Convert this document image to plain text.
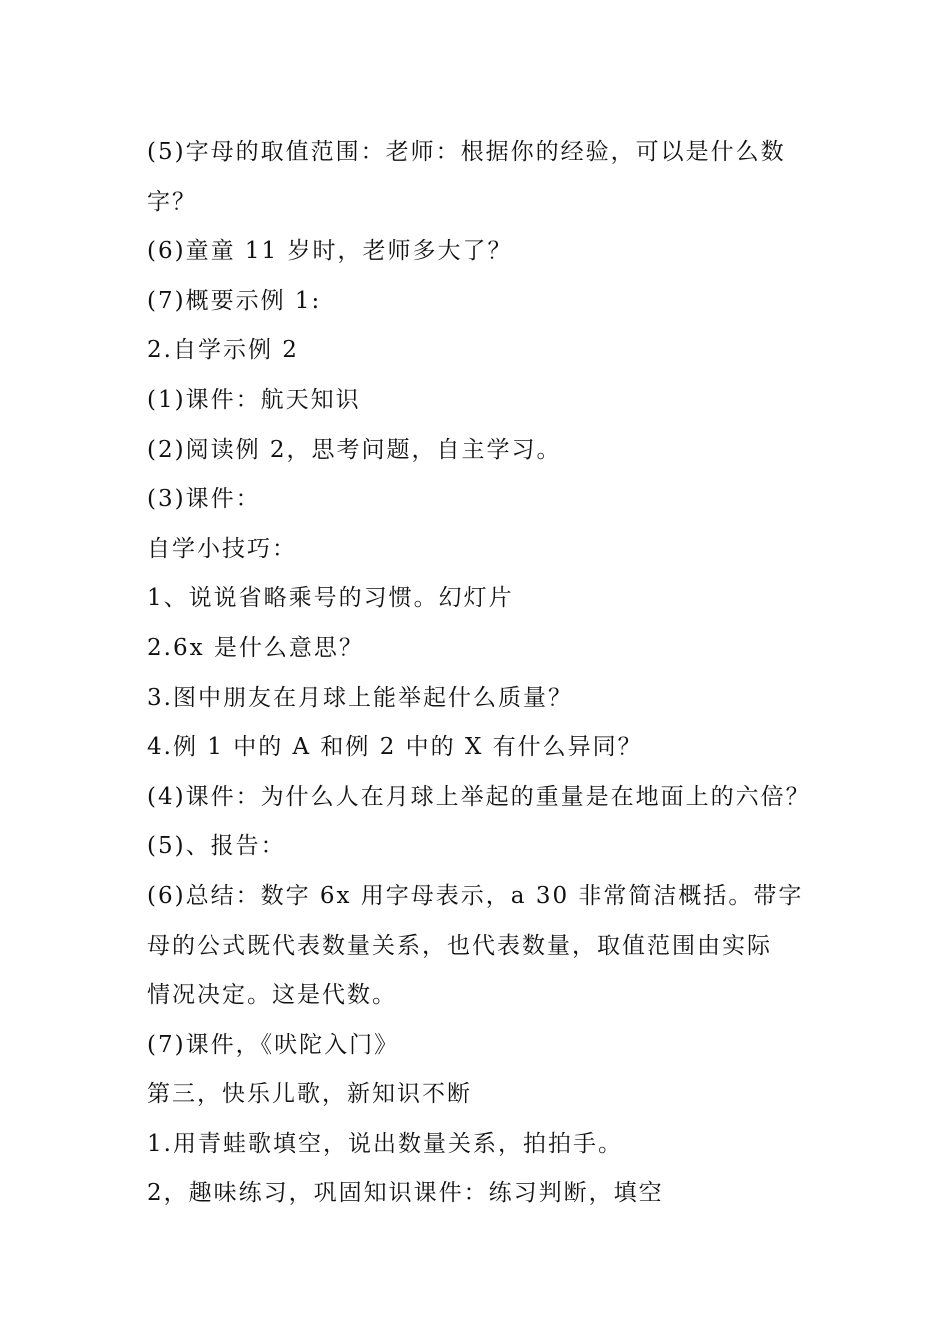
(5)字母的取值范围：老师：根据你的经验，可以是什么数
字？
(6)童童 11 岁时，老师多大了？
(7)概要示例 1:
2.自学示例 2
(1)课件：航天知识
(2)阅读例 2，思考问题，自主学习。
(3)课件：
自学小技巧：
1、说说省略乘号的习惯。幻灯片
2.6x 是什么意思？
3.图中朋友在月球上能举起什么质量？
4.例 1 中的 A 和例 2 中的 X 有什么异同？
(4)课件：为什么人在月球上举起的重量是在地面上的六倍？
(5)、报告：
(6)总结：数字 6x 用字母表示，a 30 非常简洁概括。带字
母的公式既代表数量关系，也代表数量，取值范围由实际
情况决定。这是代数。
(7)课件，《吠陀入门》
第三，快乐儿歌，新知识不断
1.用青蛙歌填空，说出数量关系，拍拍手。
2，趣味练习，巩固知识课件：练习判断，填空
